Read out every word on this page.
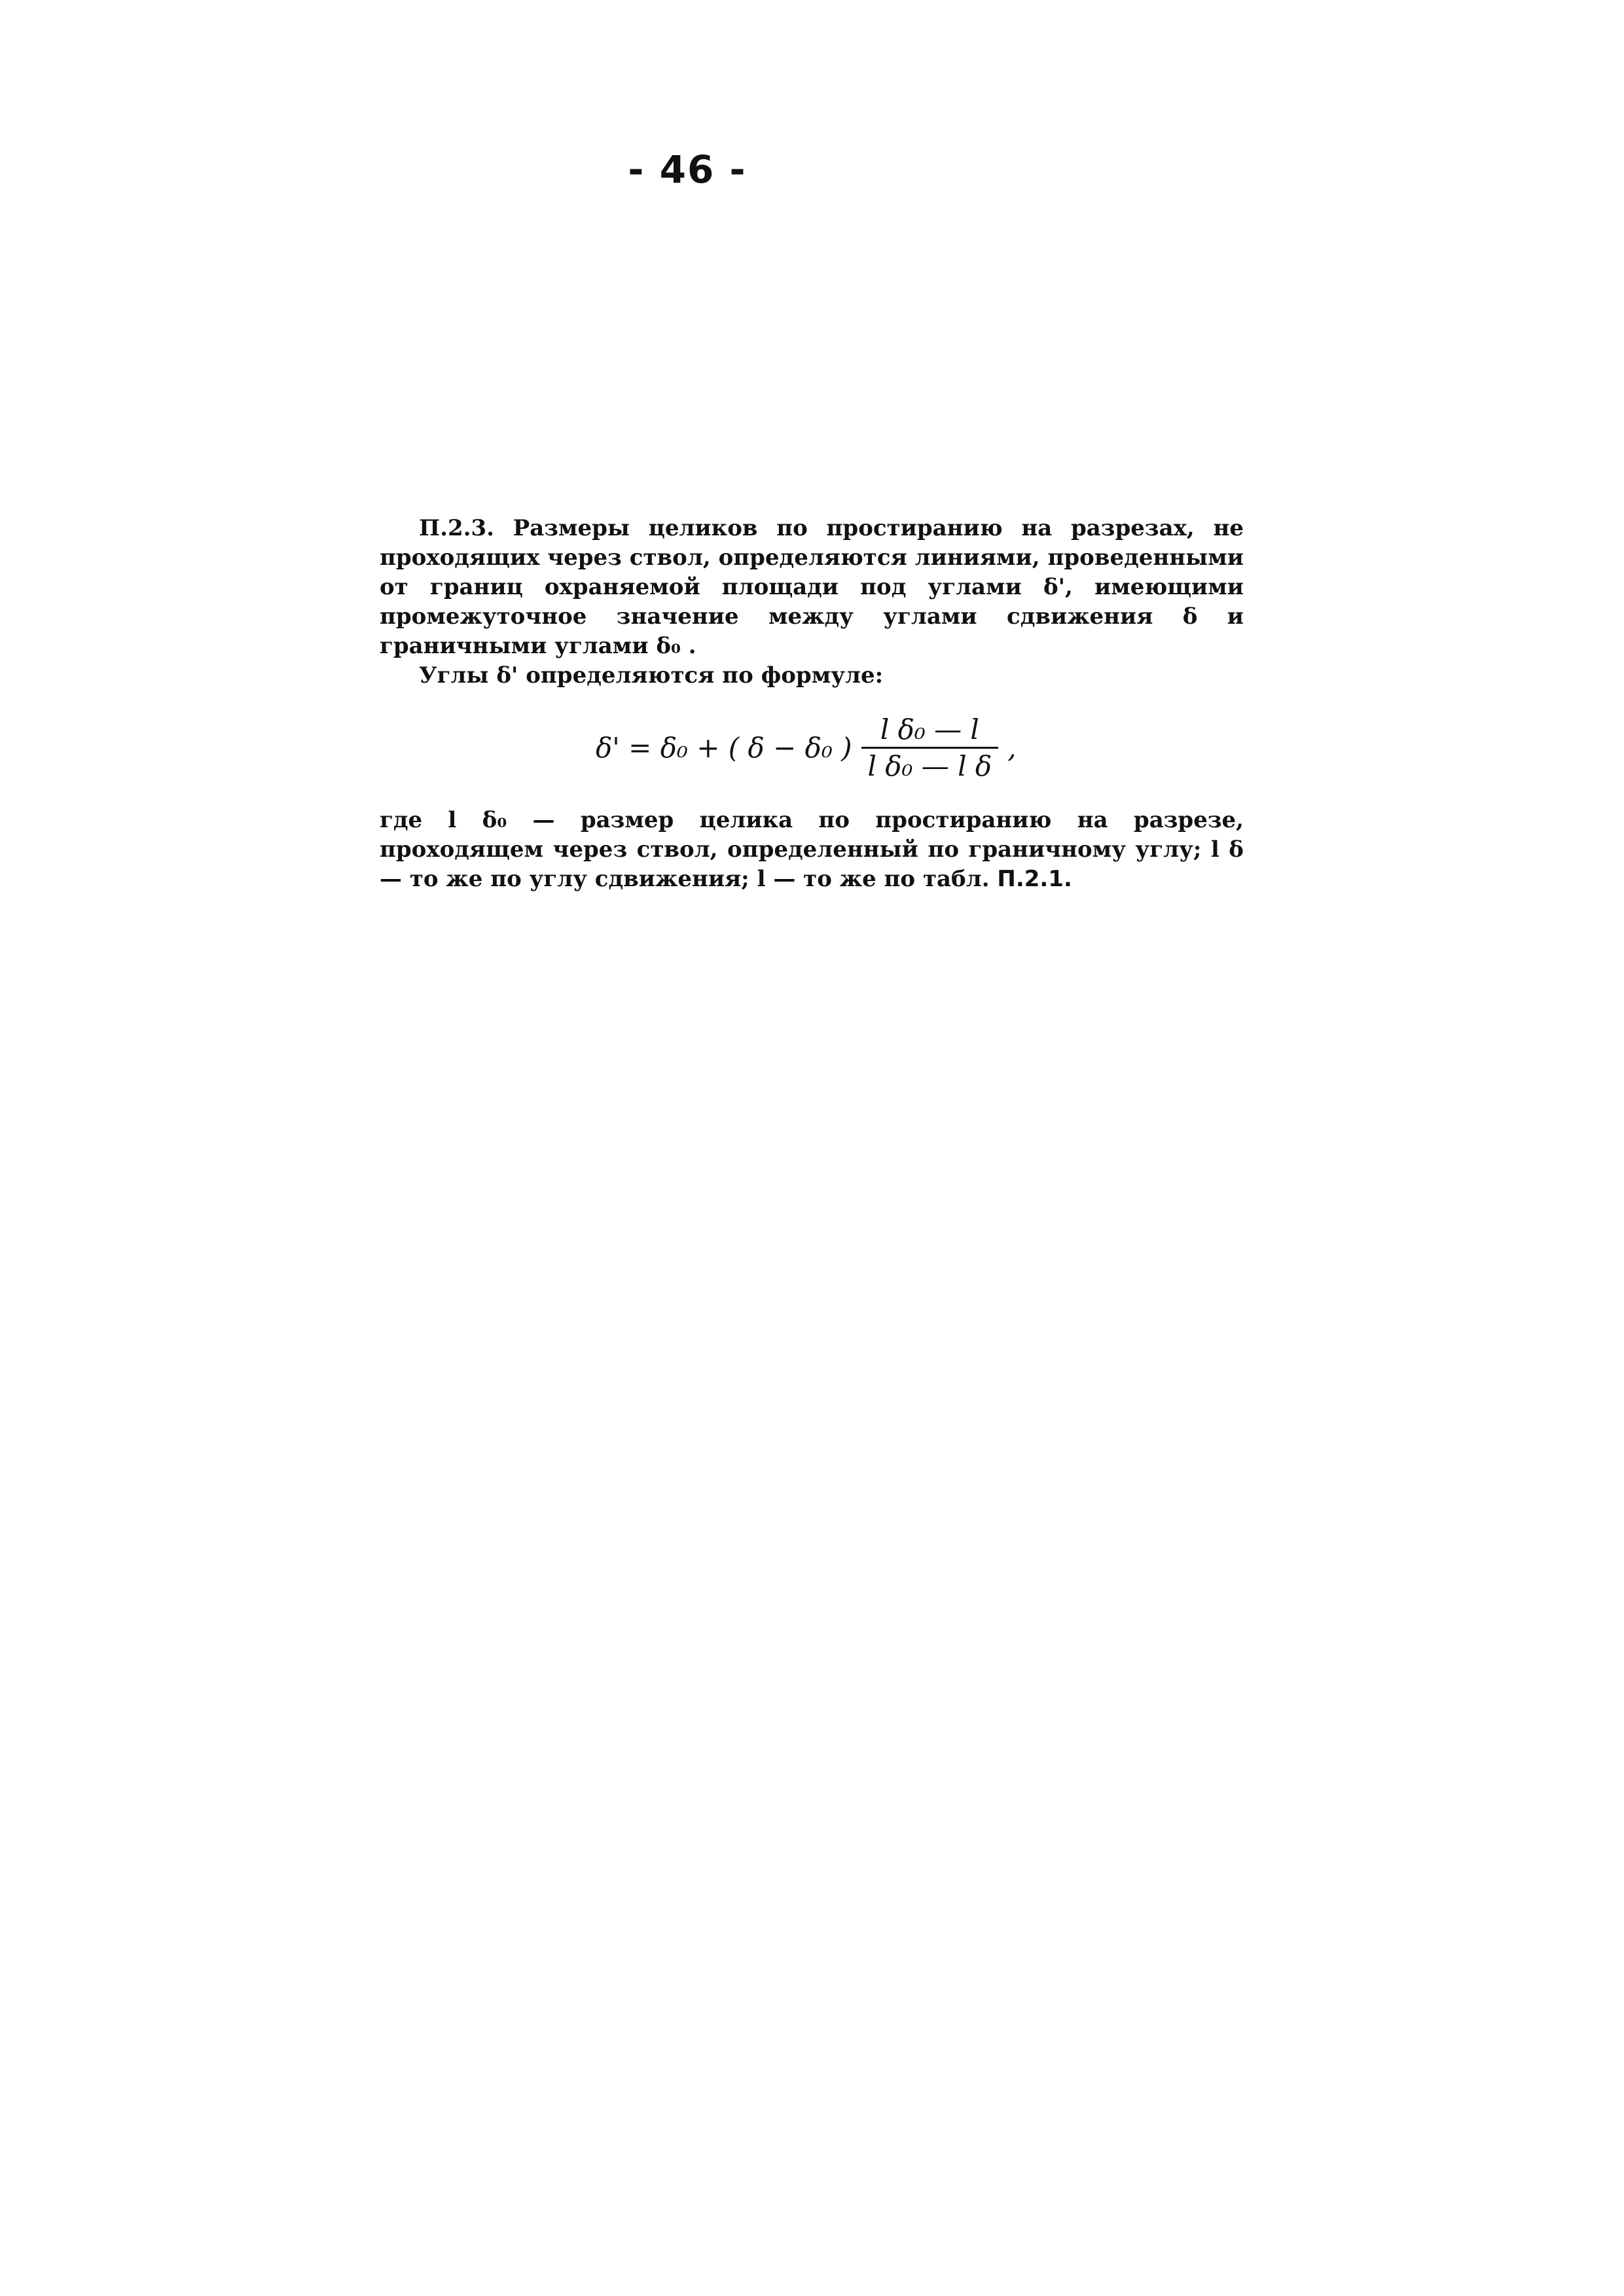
- 46 -

П.2.3. Размеры целиков по простиранию на разрезах, не проходящих через ствол, определяются линиями, проведенными от границ охраняемой площади под углами δ', имеющими промежуточное значение между углами сдвижения δ и граничными углами δ₀ .

Углы δ' определяются по формуле:

δ' = δ₀ + ( δ − δ₀ ) $\frac{\text{l δ₀ — l}}{\text{l δ₀ — l δ}}$ ,

где l δ₀ — размер целика по простиранию на разрезе, проходящем через ствол, определенный по граничному углу; l δ — то же по углу сдвижения; l — то же по табл. П.2.1.
